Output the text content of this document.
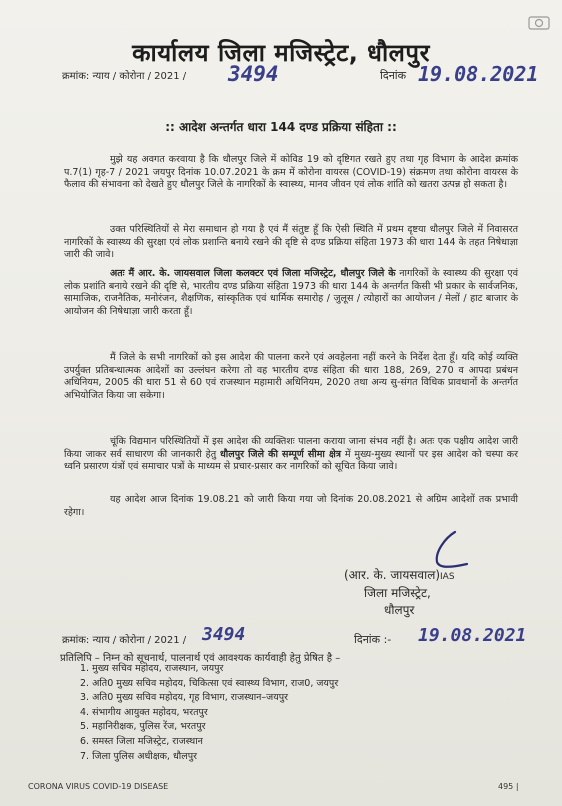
कार्यालय जिला मजिस्ट्रेट, धौलपुर
क्रमांक: न्याय / कोरोना / 2021 / 3494	दिनांक 19.08.2021
:: आदेश अन्तर्गत धारा 144 दण्ड प्रक्रिया संहिता ::
मुझे यह अवगत करवाया है कि धौलपुर जिले में कोविड 19 को दृष्टिगत रखते हुए तथा गृह विभाग के आदेश क्रमांक प.7(1) गृह-7 / 2021 जयपुर दिनांक 10.07.2021 के क्रम में कोरोना वायरस (COVID-19) संक्रमण तथा कोरोना वायरस के फैलाव की संभावना को देखते हुए धौलपुर जिले के नागरिकों के स्वास्थ्य, मानव जीवन एवं लोक शांति को खतरा उत्पन्न हो सकता है।
उक्त परिस्थितियों से मेरा समाधान हो गया है एवं मैं संतुष्ट हूँ कि ऐसी स्थिति में प्रथम दृष्टया धौलपुर जिले में निवासरत नागरिकों के स्वास्थ्य की सुरक्षा एवं लोक प्रशान्ति बनाये रखने की दृष्टि से दण्ड प्रक्रिया संहिता 1973 की धारा 144 के तहत निषेधाज्ञा जारी की जावे।
अतः मैं आर. के. जायसवाल जिला कलक्टर एवं जिला मजिस्ट्रेट, धौलपुर जिले के नागरिकों के स्वास्थ्य की सुरक्षा एवं लोक प्रशांति बनाये रखने की दृष्टि से, भारतीय दण्ड प्रक्रिया संहिता 1973 की धारा 144 के अन्तर्गत किसी भी प्रकार के सार्वजनिक, सामाजिक, राजनैतिक, मनोरंजन, शैक्षणिक, सांस्कृतिक एवं धार्मिक समारोह / जुलूस / त्योहारों का आयोजन / मेलों / हाट बाजार के आयोजन की निषेधाज्ञा जारी करता हूँ।
मैं जिले के सभी नागरिकों को इस आदेश की पालना करने एवं अवहेलना नहीं करने के निर्देश देता हूँ। यदि कोई व्यक्ति उपर्युक्त प्रतिबन्धात्मक आदेशों का उल्लंघन करेगा तो वह भारतीय दण्ड संहिता की धारा 188, 269, 270 व आपदा प्रबंधन अधिनियम, 2005 की धारा 51 से 60 एवं राजस्थान महामारी अधिनियम, 2020 तथा अन्य सु-संगत विधिक प्रावधानों के अन्तर्गत अभियोजित किया जा सकेगा।
चूंकि विद्यमान परिस्थितियों में इस आदेश की व्यक्तिशः पालना कराया जाना संभव नहीं है। अतः एक पक्षीय आदेश जारी किया जाकर सर्व साधारण की जानकारी हेतु धौलपुर जिले की सम्पूर्ण सीमा क्षेत्र में मुख्य-मुख्य स्थानों पर इस आदेश को चस्पा कर ध्वनि प्रसारण यंत्रों एवं समाचार पत्रों के माध्यम से प्रचार-प्रसार कर नागरिकों को सूचित किया जावे।
यह आदेश आज दिनांक 19.08.21 को जारी किया गया जो दिनांक 20.08.2021 से अग्रिम आदेशों तक प्रभावी रहेगा।
(आर. के. जायसवाल)IAS
जिला मजिस्ट्रेट,
धौलपुर
क्रमांक: न्याय / कोरोना / 2021 / 3494	दिनांक :- 19.08.2021
प्रतिलिपि – निम्न को सूचनार्थ, पालनार्थ एवं आवश्यक कार्यवाही हेतु प्रेषित है –
1. मुख्य सचिव महोदय, राजस्थान, जयपुर
2. अति0 मुख्य सचिव महोदय, चिकित्सा एवं स्वास्थ्य विभाग, राज0, जयपुर
3. अति0 मुख्य सचिव महोदय, गृह विभाग, राजस्थान–जयपुर
4. संभागीय आयुक्त महोदय, भरतपुर
5. महानिरीक्षक, पुलिस रेंज, भरतपुर
6. समस्त जिला मजिस्ट्रेट, राजस्थान
7. जिला पुलिस अधीक्षक, धौलपुर
CORONA VIRUS COVID-19 DISEASE	495 |
